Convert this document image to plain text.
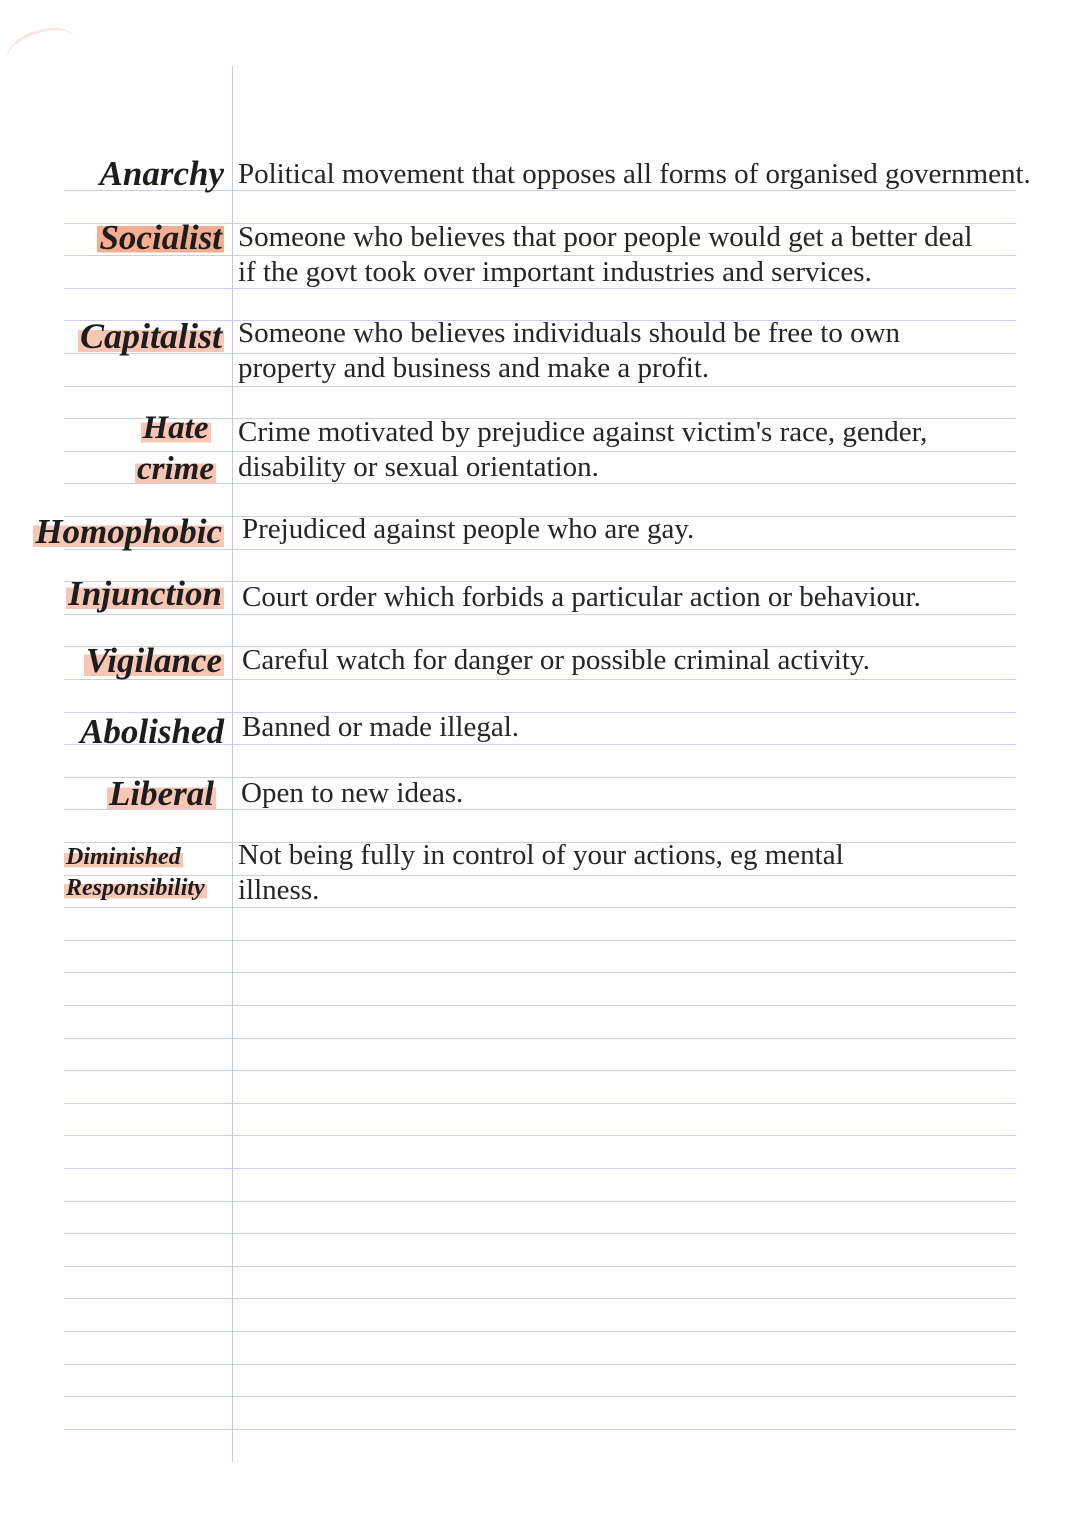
Anarchy Political movement that opposes all forms of organised government.
Socialist Someone who believes that poor people would get a better deal
if the govt took over important industries and services.
Capitalist Someone who believes individuals should be free to own
property and business and make a profit.
Hate
crime
Crime motivated by prejudice against victim's race, gender,
disability or sexual orientation.
Homophobic Prejudiced against people who are gay.
Injunction Court order which forbids a particular action or behaviour.
Vigilance Careful watch for danger or possible criminal activity.
Abolished Banned or made illegal.
Liberal Open to new ideas.
Diminished
Responsibility
Not being fully in control of your actions, eg mental
illness.
